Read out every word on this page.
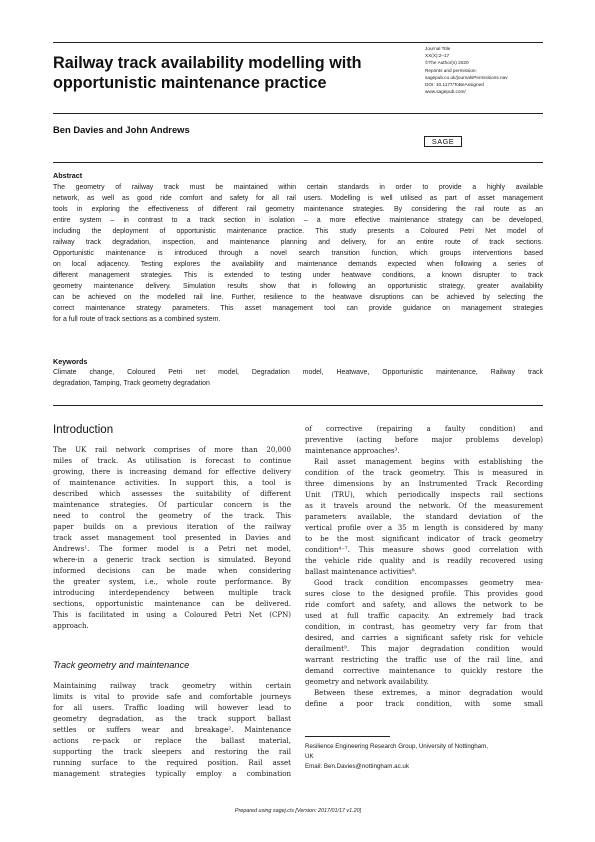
Railway track availability modelling with
opportunistic maintenance practice
Journal Title
XX(X):2–17
©The Author(s) 2020
Reprints and permission:
sagepub.co.uk/journalsPermissions.nav
DOI: 10.1177/ToBeAssigned
www.sagepub.com/
SAGE
Ben Davies and John Andrews
Abstract
The geometry of railway track must be maintained within certain standards in order to provide a highly available
network, as well as good ride comfort and safety for all rail users. Modelling is well utilised as part of asset management
tools in exploring the effectiveness of different rail geometry maintenance strategies. By considering the rail route as an
entire system – in contrast to a track section in isolation – a more effective maintenance strategy can be developed,
including the deployment of opportunistic maintenance practice. This study presents a Coloured Petri Net model of
railway track degradation, inspection, and maintenance planning and delivery, for an entire route of track sections.
Opportunistic maintenance is introduced through a novel search transition function, which groups interventions based
on local adjacency. Testing explores the availability and maintenance demands expected when following a series of
different management strategies. This is extended to testing under heatwave conditions, a known disrupter to track
geometry maintenance delivery. Simulation results show that in following an opportunistic strategy, greater availability
can be achieved on the modelled rail line. Further, resilience to the heatwave disruptions can be achieved by selecting the
correct maintenance strategy parameters. This asset management tool can provide guidance on management strategies
for a full route of track sections as a combined system.
Keywords
Climate change, Coloured Petri net model, Degradation model, Heatwave, Opportunistic maintenance, Railway track
degradation, Tamping, Track geometry degradation
Introduction
The UK rail network comprises of more than 20,000
miles of track. As utilisation is forecast to continue
growing, there is increasing demand for effective delivery
of maintenance activities. In support this, a tool is
described which assesses the suitability of different
maintenance strategies. Of particular concern is the
need to control the geometry of the track. This
paper builds on a previous iteration of the railway
track asset management tool presented in Davies and
Andrews¹. The former model is a Petri net model,
where-in a generic track section is simulated. Beyond
informed decisions can be made when considering
the greater system, i.e., whole route performance. By
introducing interdependency between multiple track
sections, opportunistic maintenance can be delivered.
This is facilitated in using a Coloured Petri Net (CPN)
approach.
Track geometry and maintenance
Maintaining railway track geometry within certain
limits is vital to provide safe and comfortable journeys
for all users. Traffic loading will however lead to
geometry degradation, as the track support ballast
settles or suffers wear and breakage². Maintenance
actions re-pack or replace the ballast material,
supporting the track sleepers and restoring the rail
running surface to the required position. Rail asset
management strategies typically employ a combination
of corrective (repairing a faulty condition) and
preventive (acting before major problems develop)
maintenance approaches³.
Rail asset management begins with establishing the
condition of the track geometry. This is measured in
three dimensions by an Instrumented Track Recording
Unit (TRU), which periodically inspects rail sections
as it travels around the network. Of the measurement
parameters available, the standard deviation of the
vertical profile over a 35 m length is considered by many
to be the most significant indicator of track geometry
condition⁴⁻⁷. This measure shows good correlation with
the vehicle ride quality and is readily recovered using
ballast maintenance activities⁸.
Good track condition encompasses geometry mea-
sures close to the designed profile. This provides good
ride comfort and safety, and allows the network to be
used at full traffic capacity. An extremely bad track
condition, in contrast, has geometry very far from that
desired, and carries a significant safety risk for vehicle
derailment⁹. This major degradation condition would
warrant restricting the traffic use of the rail line, and
demand corrective maintenance to quickly restore the
geometry and network availability.
Between these extremes, a minor degradation would
define a poor track condition, with some small
Resilience Engineering Research Group, University of Nottingham,
UK
Email: Ben.Davies@nottingham.ac.uk
Prepared using sagej.cls [Version: 2017/01/17 v1.20]
